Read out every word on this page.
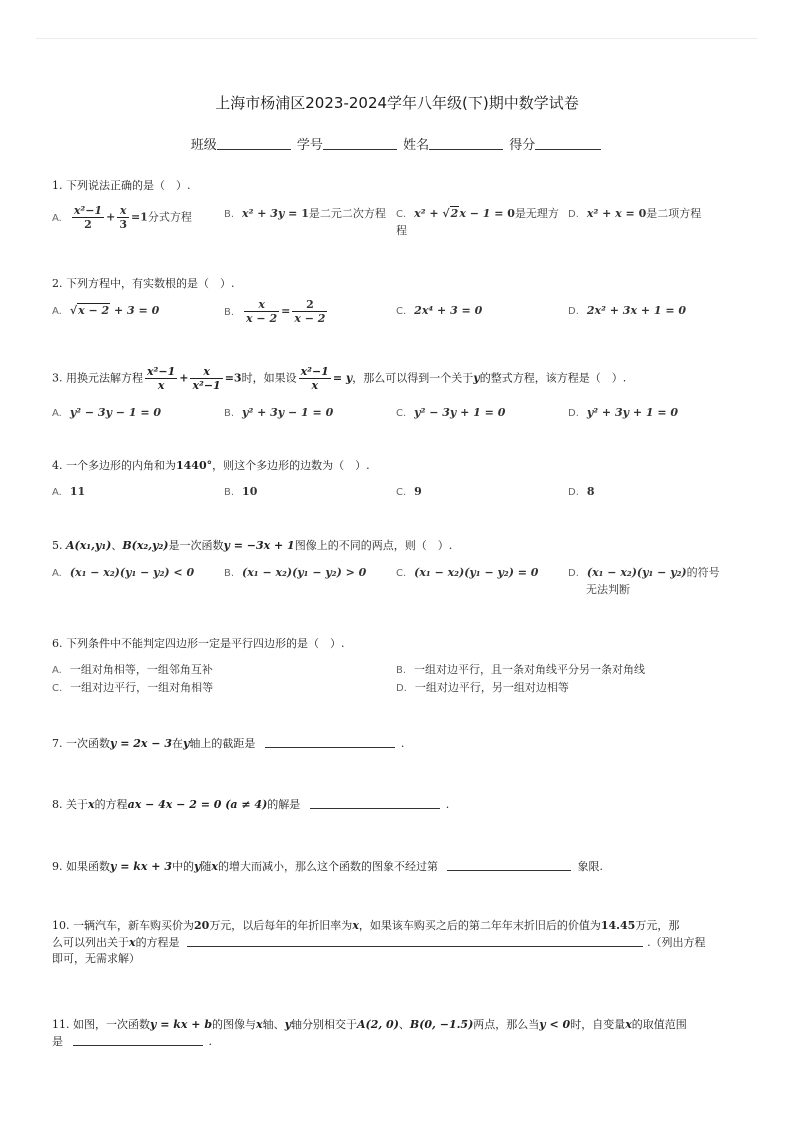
上海市杨浦区2023-2024学年八年级(下)期中数学试卷
班级	学号	姓名	得分
1. 下列说法正确的是（　）.
A. $\frac{\text{x²−1}}{2} + \frac{x}{3} =1$分式方程	B. x² + 3y = 1是二元二次方程	C. x² + √2x − 1 = 0是无理方程
D. x² + x = 0是二项方程
2. 下列方程中，有实数根的是（　）.
A. √x − 2 + 3 = 0	B. $\frac{x}{x - 2} = \frac{2}{x - 2}$	C. 2x⁴ + 3 = 0	D. 2x² + 3x + 1 = 0
3. 用换元法解方程 $\frac{\text{x²−1}}{x} + \frac{x}{\text{x²−1}} =3$时，如果设 $\frac{\text{x²−1}}{x} = y$，那么可以得到一个关于y的整式方程，该方程是（　）.
A. y² − 3y − 1 = 0	B. y² + 3y − 1 = 0	C. y² − 3y + 1 = 0	D. y² + 3y + 1 = 0
4. 一个多边形的内角和为1440°，则这个多边形的边数为（　）.
A. 11	B. 10	C. 9	D. 8
5. A(x₁,y₁)、B(x₂,y₂)是一次函数y = −3x + 1图像上的不同的两点，则（　）.
A. (x₁ − x₂)(y₁ − y₂) < 0	B. (x₁ − x₂)(y₁ − y₂) > 0	C. (x₁ − x₂)(y₁ − y₂) = 0	D. (x₁ − x₂)(y₁ − y₂)的符号
无法判断
6. 下列条件中不能判定四边形一定是平行四边形的是（　）.
A. 一组对角相等，一组邻角互补	B. 一组对边平行，且一条对角线平分另一条对角线
C. 一组对边平行，一组对角相等	D. 一组对边平行，另一组对边相等
7. 一次函数y = 2x − 3在y轴上的截距是	.
8. 关于x的方程ax − 4x − 2 = 0 (a ≠ 4)的解是	.
9. 如果函数y = kx + 3中的y随x的增大而减小，那么这个函数的图象不经过第	象限.
10. 一辆汽车，新车购买价为20万元，以后每年的年折旧率为x，如果该车购买之后的第二年年末折旧后的价值为14.45万元，那
么可以列出关于x的方程是	.（列出方程
即可，无需求解）
11. 如图，一次函数y = kx + b的图像与x轴、y轴分别相交于A(2, 0)、B(0, −1.5)两点，那么当y < 0时，自变量x的取值范围
是	.
